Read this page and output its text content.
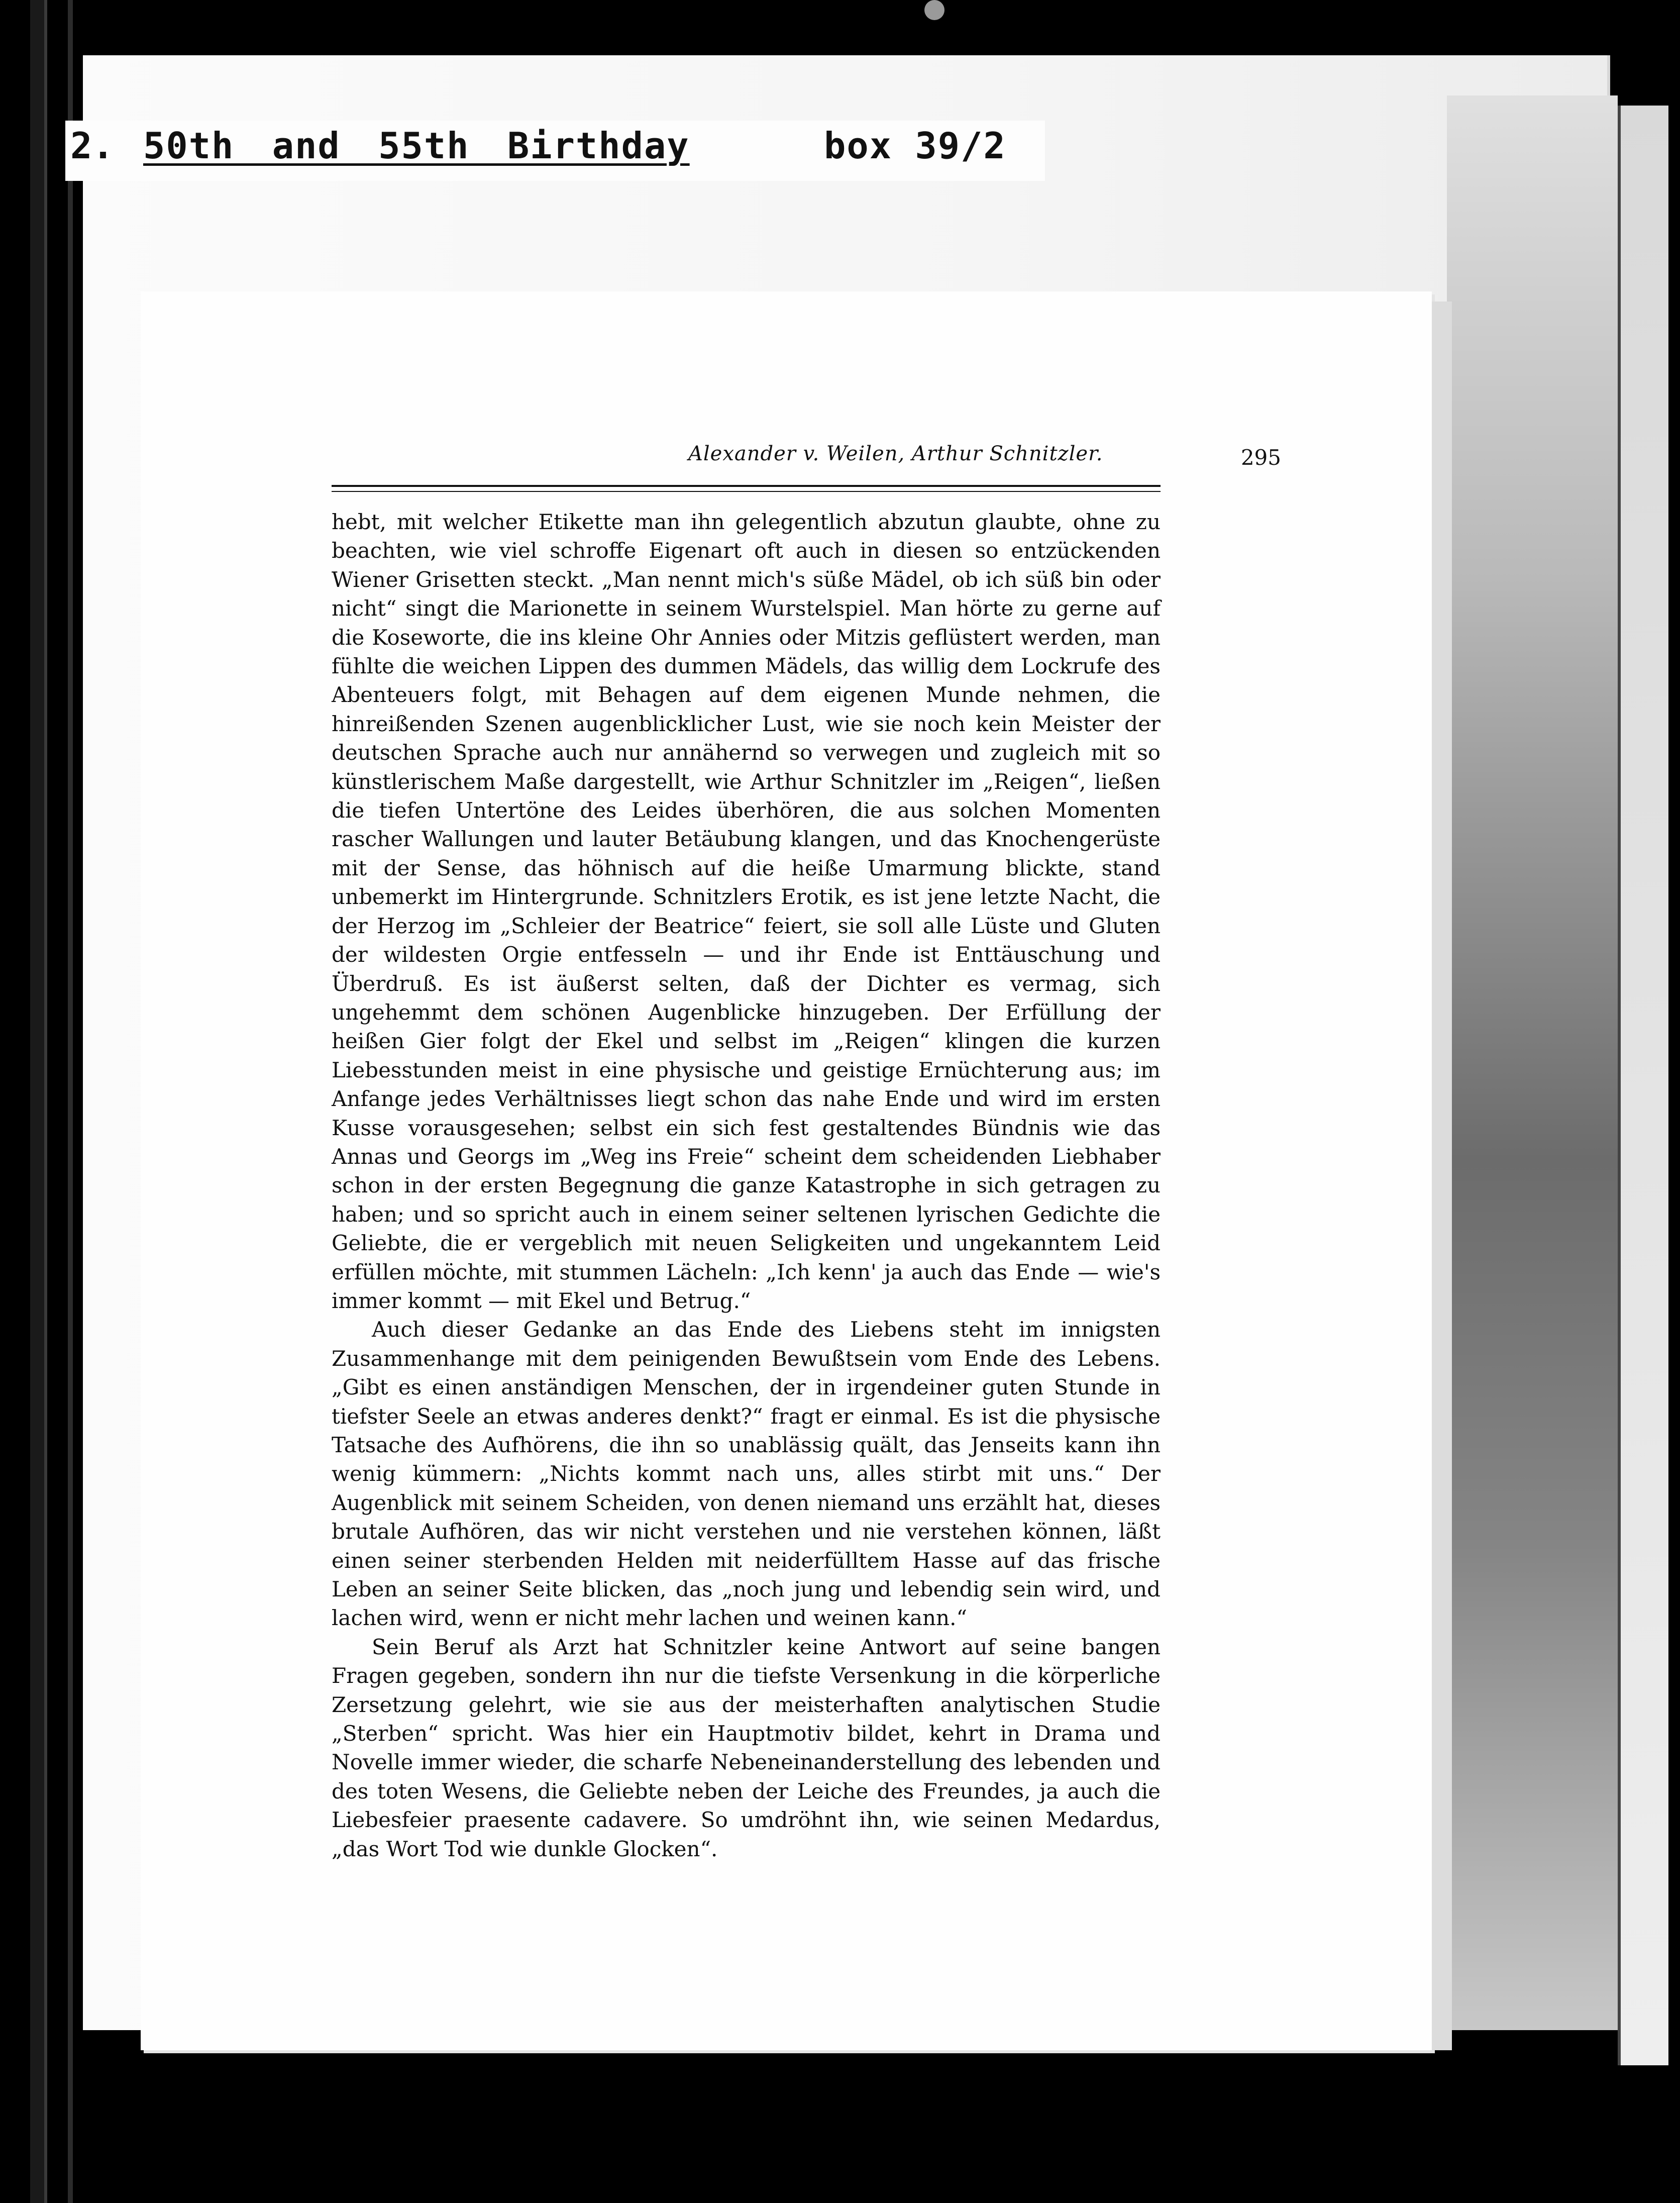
2. 50th and 55th Birthday	box 39/2
Alexander v. Weilen, Arthur Schnitzler.	295

hebt, mit welcher Etikette man ihn gelegentlich abzutun glaubte, ohne zu beachten, wie viel schroffe Eigenart oft auch in diesen so entzückenden Wiener Grisetten steckt. „Man nennt mich's süße Mädel, ob ich süß bin oder nicht“ singt die Marionette in seinem Wurstelspiel. Man hörte zu gerne auf die Koseworte, die ins kleine Ohr Annies oder Mitzis geflüstert werden, man fühlte die weichen Lippen des dummen Mädels, das willig dem Lockrufe des Abenteuers folgt, mit Behagen auf dem eigenen Munde nehmen, die hinreißenden Szenen augenblicklicher Lust, wie sie noch kein Meister der deutschen Sprache auch nur annähernd so verwegen und zugleich mit so künstlerischem Maße dargestellt, wie Arthur Schnitzler im „Reigen“, ließen die tiefen Untertöne des Leides überhören, die aus solchen Momenten rascher Wallungen und lauter Betäubung klangen, und das Knochengerüste mit der Sense, das höhnisch auf die heiße Umarmung blickte, stand unbemerkt im Hintergrunde. Schnitzlers Erotik, es ist jene letzte Nacht, die der Herzog im „Schleier der Beatrice“ feiert, sie soll alle Lüste und Gluten der wildesten Orgie entfesseln — und ihr Ende ist Enttäuschung und Überdruß. Es ist äußerst selten, daß der Dichter es vermag, sich ungehemmt dem schönen Augenblicke hinzugeben. Der Erfüllung der heißen Gier folgt der Ekel und selbst im „Reigen“ klingen die kurzen Liebesstunden meist in eine physische und geistige Ernüchterung aus; im Anfange jedes Verhältnisses liegt schon das nahe Ende und wird im ersten Kusse vorausgesehen; selbst ein sich fest gestaltendes Bündnis wie das Annas und Georgs im „Weg ins Freie“ scheint dem scheidenden Liebhaber schon in der ersten Begegnung die ganze Katastrophe in sich getragen zu haben; und so spricht auch in einem seiner seltenen lyrischen Gedichte die Geliebte, die er vergeblich mit neuen Seligkeiten und ungekanntem Leid erfüllen möchte, mit stummen Lächeln: „Ich kenn' ja auch das Ende — wie's immer kommt — mit Ekel und Betrug.“

Auch dieser Gedanke an das Ende des Liebens steht im innigsten Zusammenhange mit dem peinigenden Bewußtsein vom Ende des Lebens. „Gibt es einen anständigen Menschen, der in irgendeiner guten Stunde in tiefster Seele an etwas anderes denkt?“ fragt er einmal. Es ist die physische Tatsache des Aufhörens, die ihn so unablässig quält, das Jenseits kann ihn wenig kümmern: „Nichts kommt nach uns, alles stirbt mit uns.“ Der Augenblick mit seinem Scheiden, von denen niemand uns erzählt hat, dieses brutale Aufhören, das wir nicht verstehen und nie verstehen können, läßt einen seiner sterbenden Helden mit neiderfülltem Hasse auf das frische Leben an seiner Seite blicken, das „noch jung und lebendig sein wird, und lachen wird, wenn er nicht mehr lachen und weinen kann.“

Sein Beruf als Arzt hat Schnitzler keine Antwort auf seine bangen Fragen gegeben, sondern ihn nur die tiefste Versenkung in die körperliche Zersetzung gelehrt, wie sie aus der meisterhaften analytischen Studie „Sterben“ spricht. Was hier ein Hauptmotiv bildet, kehrt in Drama und Novelle immer wieder, die scharfe Nebeneinanderstellung des lebenden und des toten Wesens, die Geliebte neben der Leiche des Freundes, ja auch die Liebesfeier praesente cadavere. So umdröhnt ihn, wie seinen Medardus, „das Wort Tod wie dunkle Glocken“.
